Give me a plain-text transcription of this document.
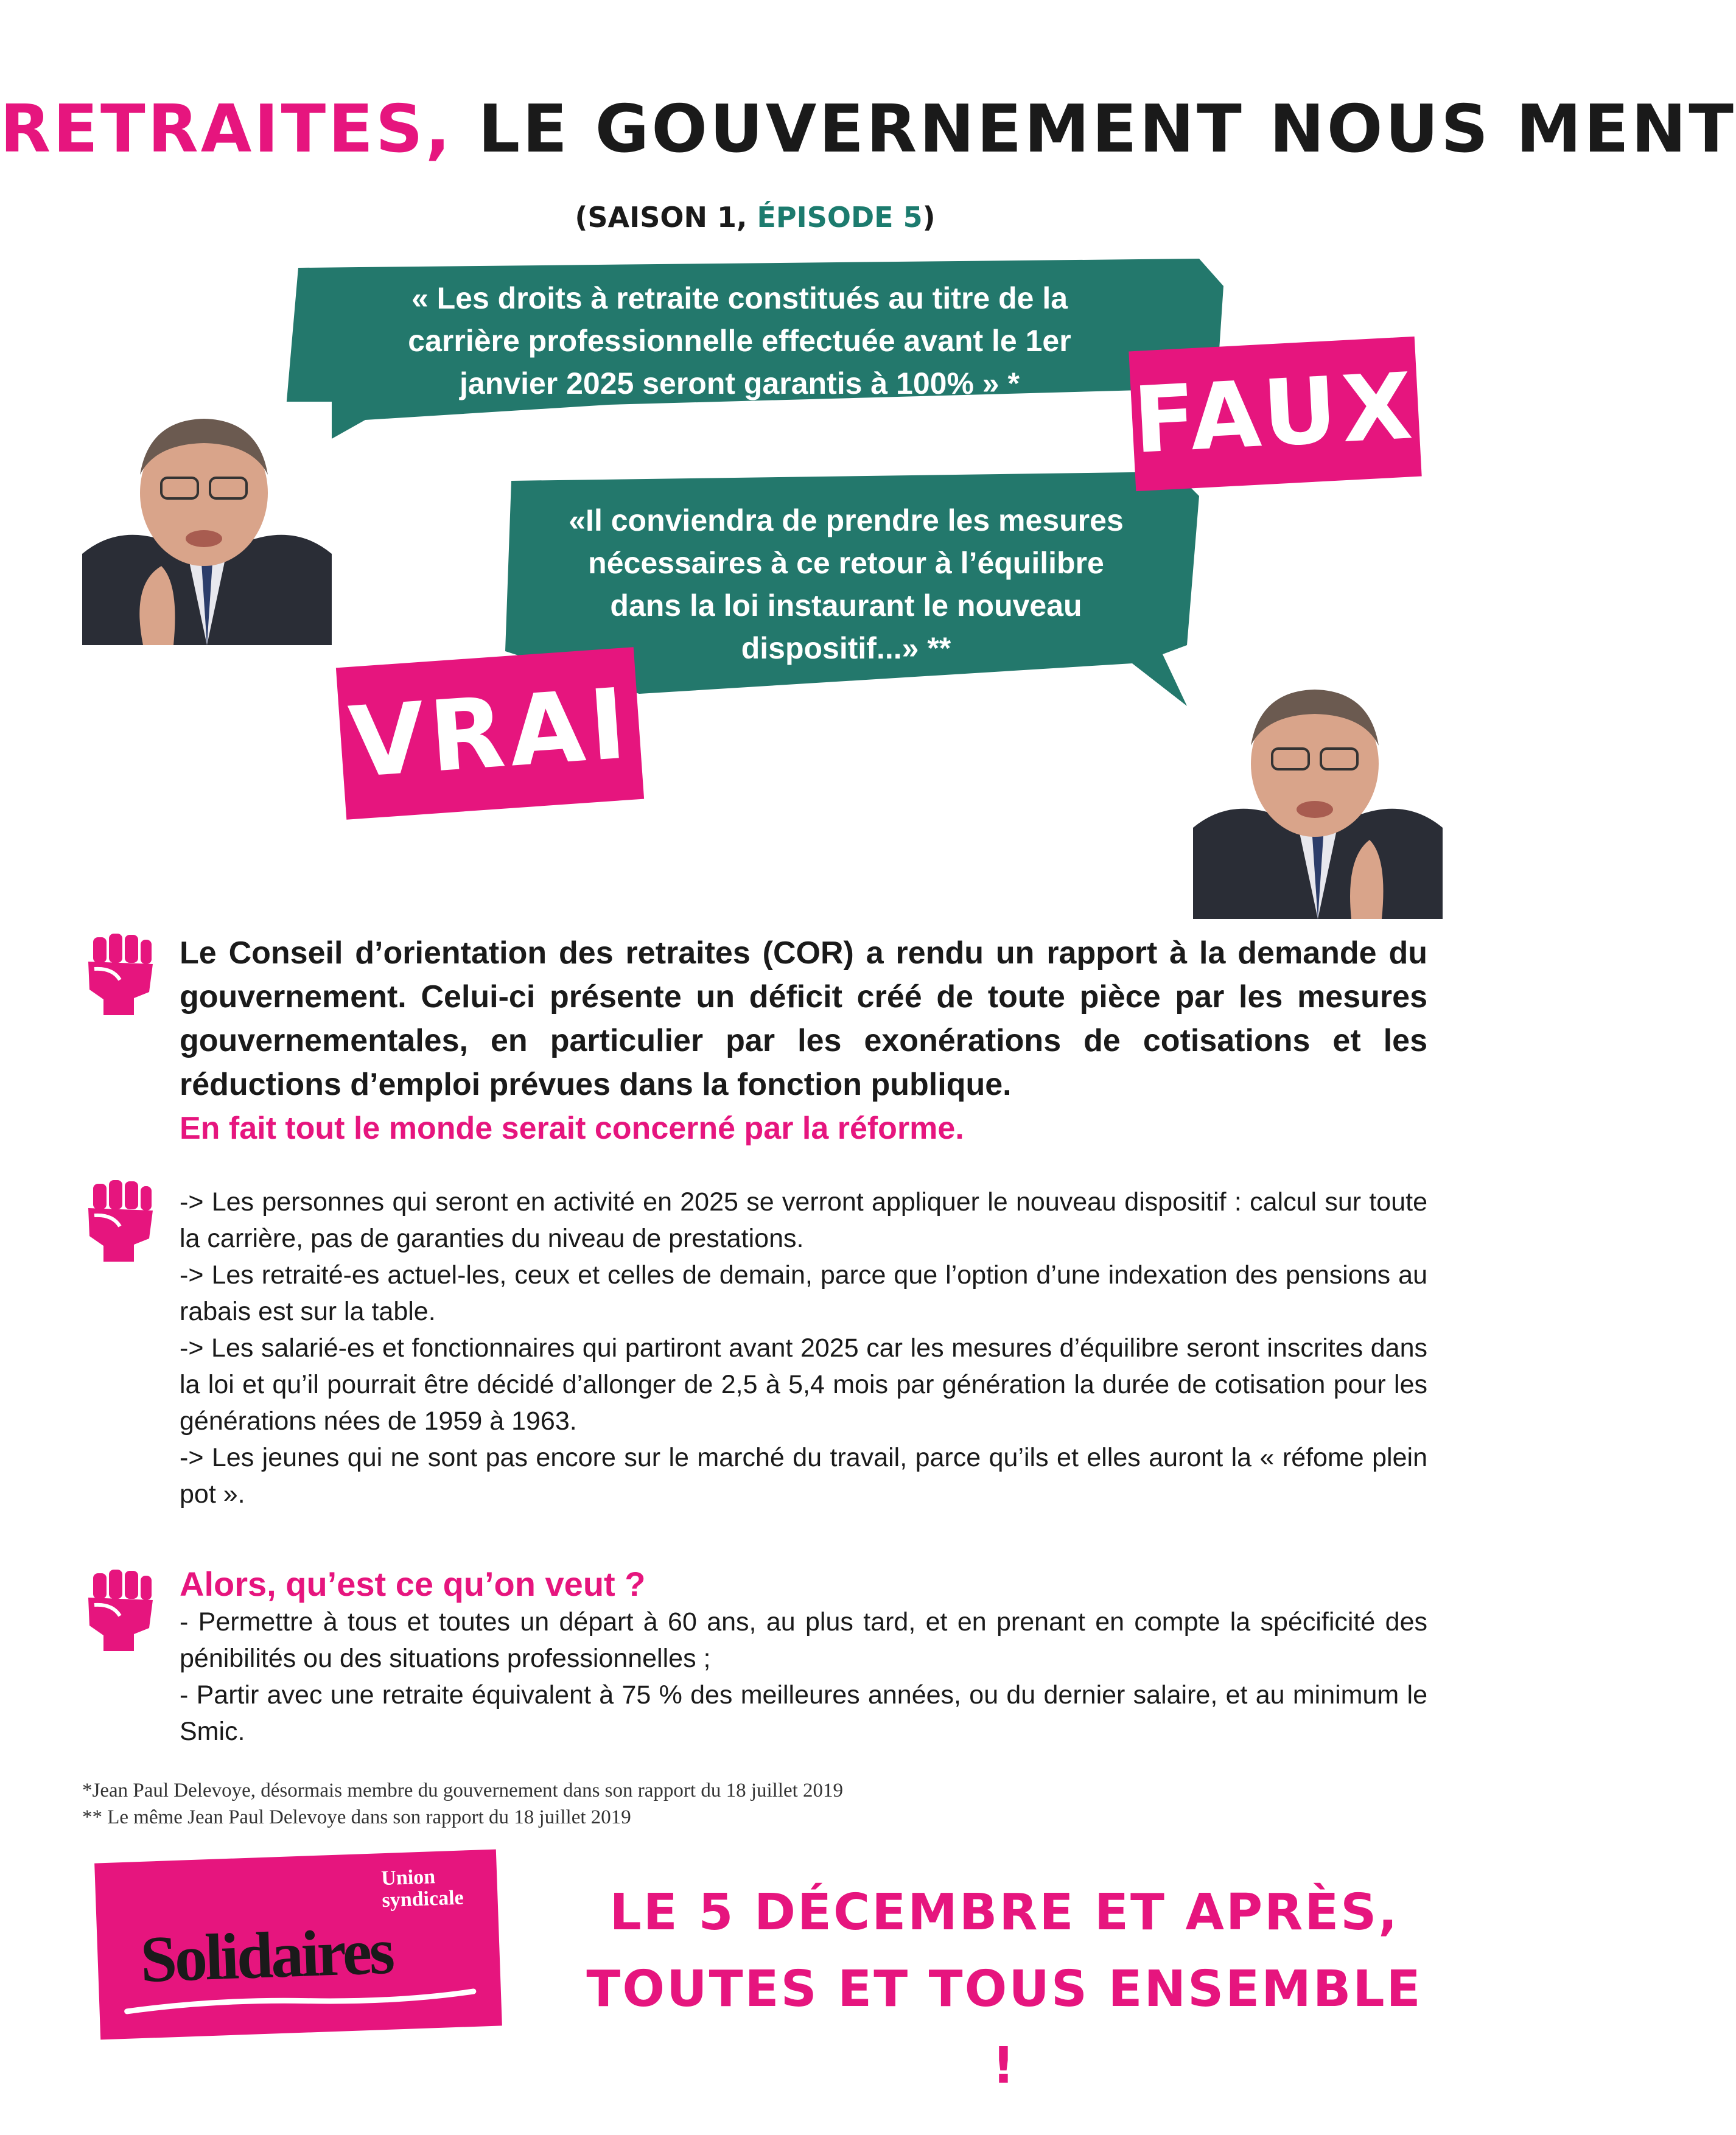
RETRAITES, LE GOUVERNEMENT NOUS MENT
(SAISON 1, ÉPISODE 5)
« Les droits à retraite constitués au titre de la
carrière professionnelle effectuée avant le 1er
janvier 2025 seront garantis à 100% » *
«Il conviendra de prendre les mesures
nécessaires à ce retour à l’équilibre
dans la loi instaurant le nouveau
dispositif...» **
FAUX
VRAI
Le Conseil d’orientation des retraites (COR) a rendu un rapport à la demande du gouvernement. Celui-ci présente un déficit créé de toute pièce par les mesures gouvernementales, en particulier par les exonérations de cotisations et les réductions d’emploi prévues dans la fonction publique.
En fait tout le monde serait concerné par la réforme.
-> Les personnes qui seront en activité en 2025 se verront appliquer le nouveau dispositif : calcul sur toute la carrière, pas de garanties du niveau de prestations.
-> Les retraité-es actuel-les, ceux et celles de demain, parce que l’option d’une indexation des pensions au rabais est sur la table.
-> Les salarié-es et fonctionnaires qui partiront avant 2025 car les mesures d’équilibre seront inscrites dans la loi et qu’il pourrait être décidé d’allonger de 2,5 à 5,4 mois par génération la durée de cotisation pour les générations nées de 1959 à 1963.
-> Les jeunes qui ne sont pas encore sur le marché du travail, parce qu’ils et elles auront la « réfome plein pot ».
Alors, qu’est ce qu’on veut ?
- Permettre à tous et toutes un départ à 60 ans, au plus tard, et en prenant en compte la spécificité des pénibilités ou des situations professionnelles ;
- Partir avec une retraite équivalent à 75 % des meilleures années, ou du dernier salaire, et au minimum le Smic.
*Jean Paul Delevoye, désormais membre du gouvernement dans son rapport du 18 juillet 2019
** Le même Jean Paul Delevoye dans son rapport du 18 juillet 2019
Union
syndicale
Solidaires
LE 5 DÉCEMBRE ET APRÈS,
TOUTES ET TOUS ENSEMBLE !
